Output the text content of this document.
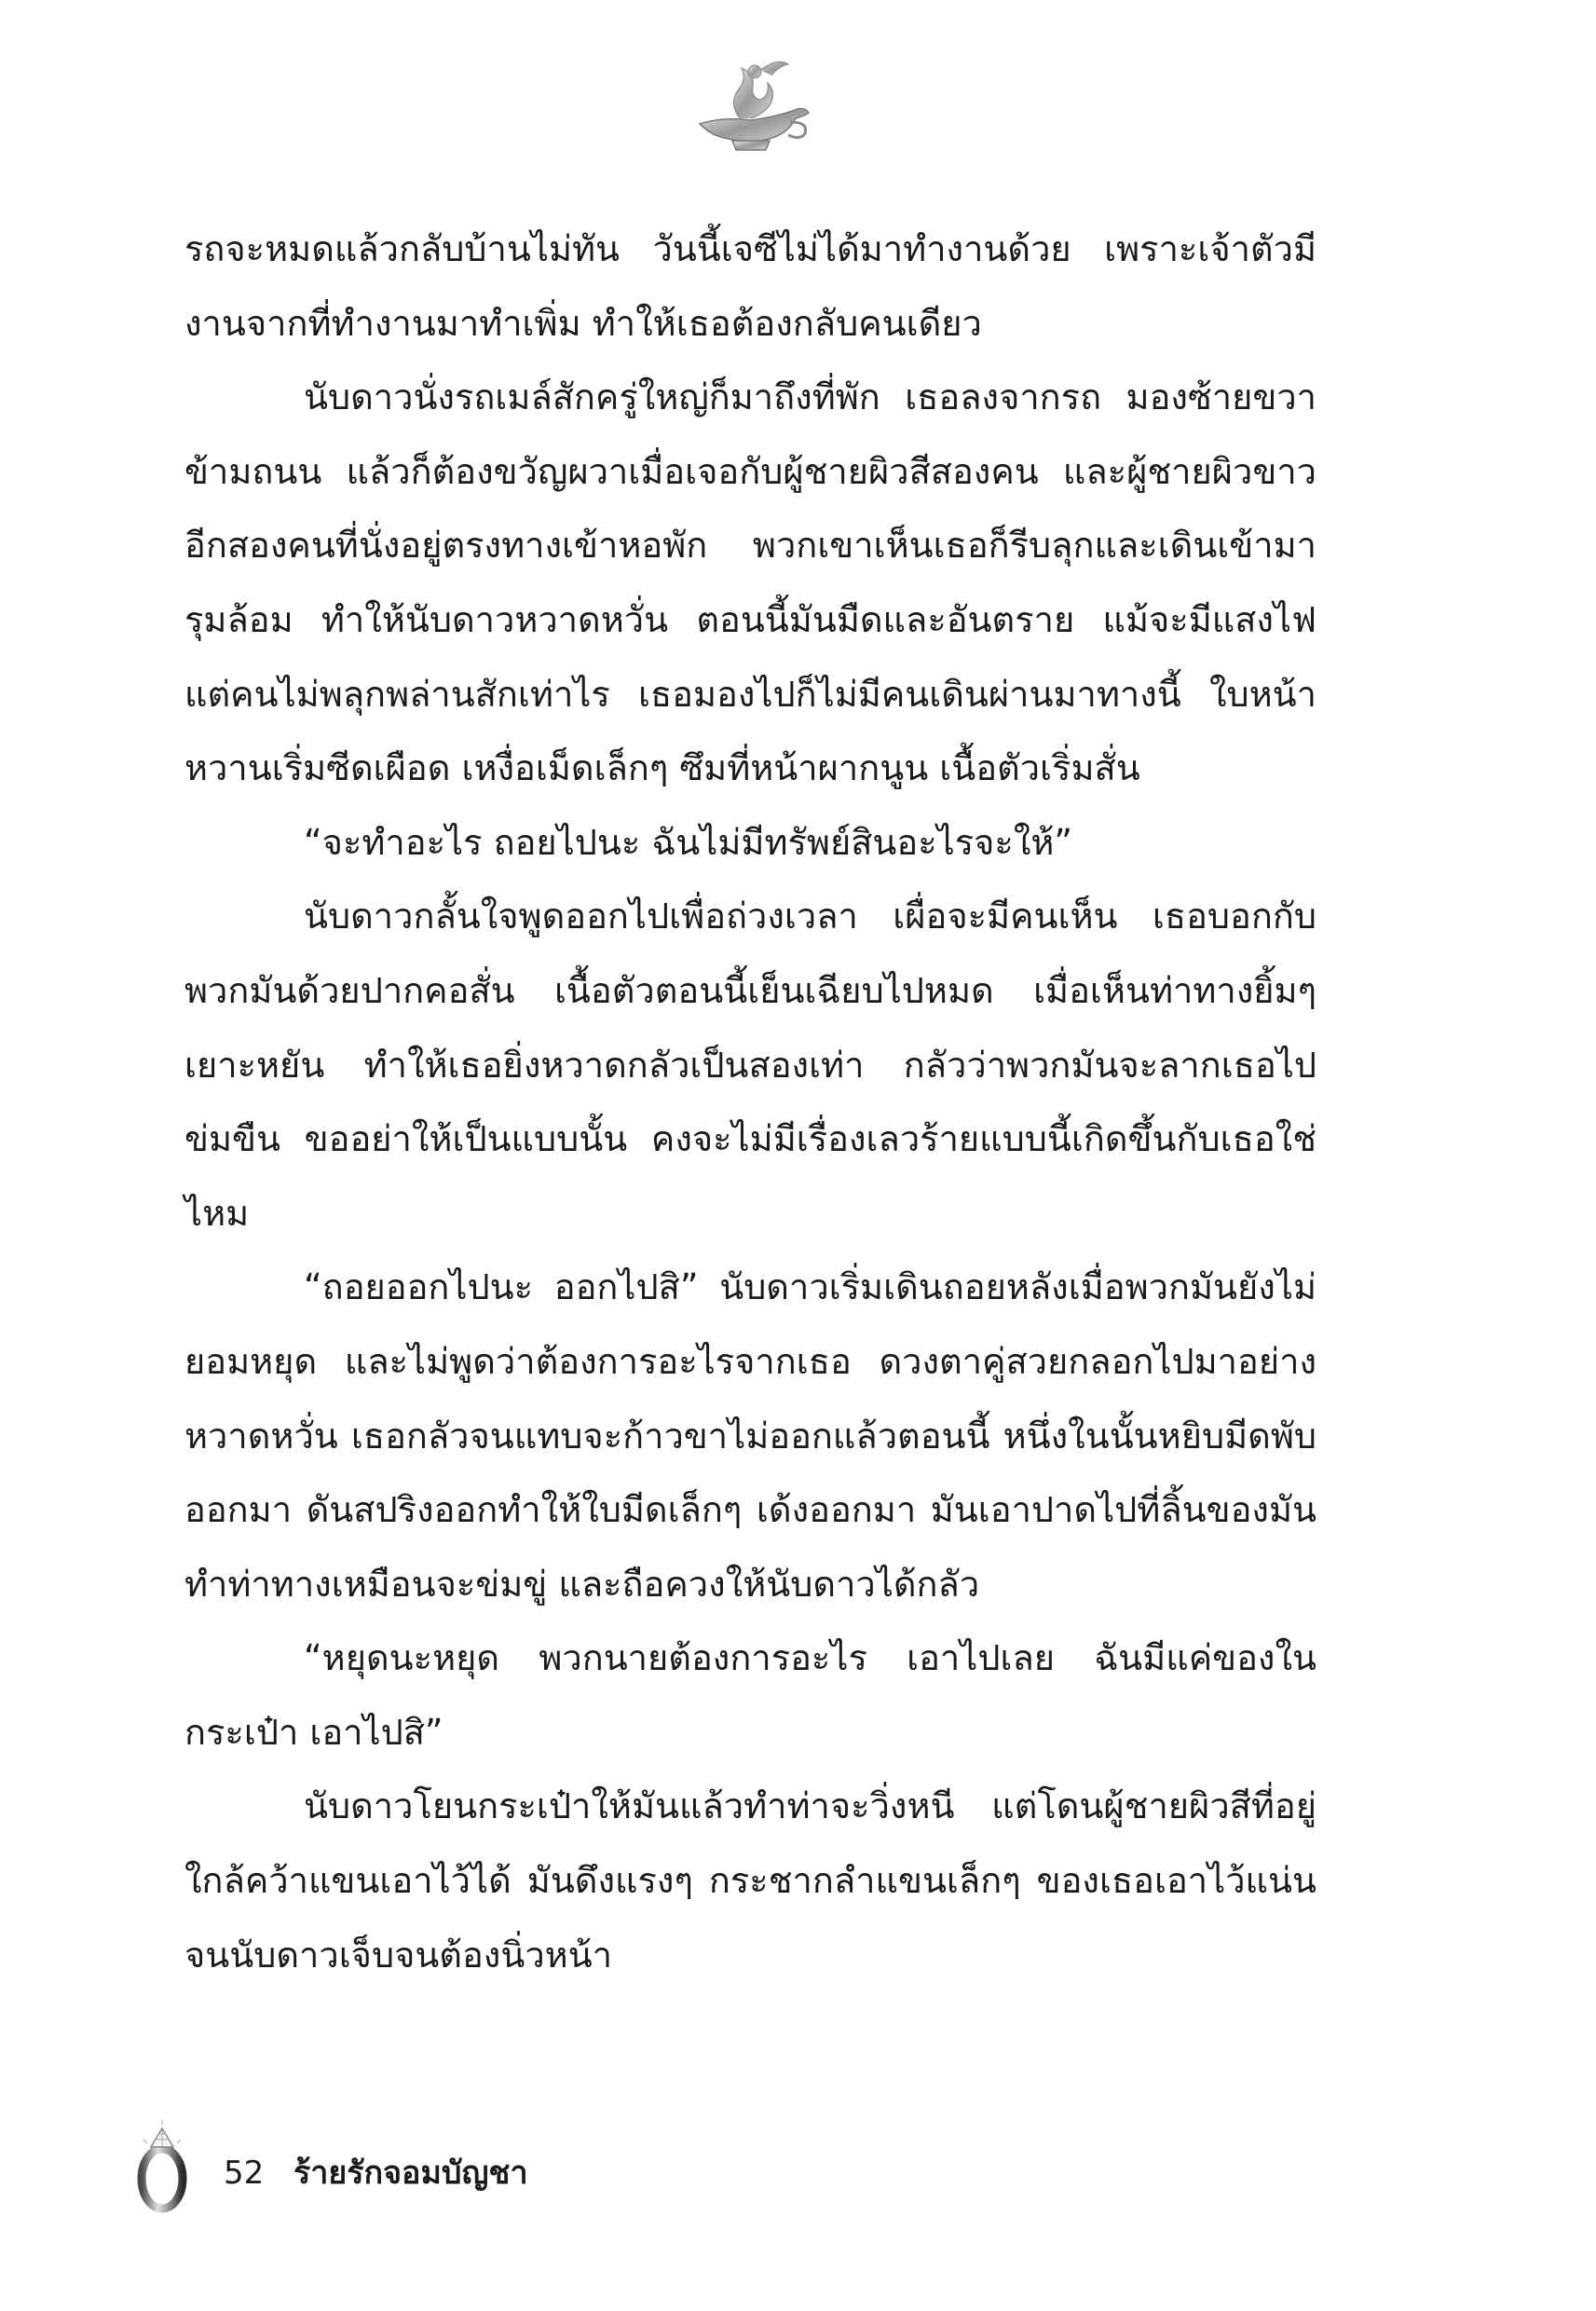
รถจะหมดแล้วกลับบ้านไม่ทัน วันนี้เจซีไม่ได้มาทำงานด้วย เพราะเจ้าตัวมีงานจากที่ทำงานมาทำเพิ่ม ทำให้เธอต้องกลับคนเดียว

นับดาวนั่งรถเมล์สักครู่ใหญ่ก็มาถึงที่พัก เธอลงจากรถ มองซ้ายขวาข้ามถนน แล้วก็ต้องขวัญผวาเมื่อเจอกับผู้ชายผิวสีสองคน และผู้ชายผิวขาวอีกสองคนที่นั่งอยู่ตรงทางเข้าหอพัก พวกเขาเห็นเธอก็รีบลุกและเดินเข้ามารุมล้อม ทำให้นับดาวหวาดหวั่น ตอนนี้มันมืดและอันตราย แม้จะมีแสงไฟ แต่คนไม่พลุกพล่านสักเท่าไร เธอมองไปก็ไม่มีคนเดินผ่านมาทางนี้ ใบหน้าหวานเริ่มซีดเผือด เหงื่อเม็ดเล็กๆ ซึมที่หน้าผากนูน เนื้อตัวเริ่มสั่น

“จะทำอะไร ถอยไปนะ ฉันไม่มีทรัพย์สินอะไรจะให้”

นับดาวกลั้นใจพูดออกไปเพื่อถ่วงเวลา เผื่อจะมีคนเห็น เธอบอกกับพวกมันด้วยปากคอสั่น เนื้อตัวตอนนี้เย็นเฉียบไปหมด เมื่อเห็นท่าทางยิ้มๆ เยาะหยัน ทำให้เธอยิ่งหวาดกลัวเป็นสองเท่า กลัวว่าพวกมันจะลากเธอไปข่มขืน ขออย่าให้เป็นแบบนั้น คงจะไม่มีเรื่องเลวร้ายแบบนี้เกิดขึ้นกับเธอใช่ไหม

“ถอยออกไปนะ ออกไปสิ” นับดาวเริ่มเดินถอยหลังเมื่อพวกมันยังไม่ยอมหยุด และไม่พูดว่าต้องการอะไรจากเธอ ดวงตาคู่สวยกลอกไปมาอย่างหวาดหวั่น เธอกลัวจนแทบจะก้าวขาไม่ออกแล้วตอนนี้ หนึ่งในนั้นหยิบมีดพับออกมา ดันสปริงออกทำให้ใบมีดเล็กๆ เด้งออกมา มันเอาปาดไปที่ลิ้นของมันทำท่าทางเหมือนจะข่มขู่ และถือควงให้นับดาวได้กลัว

“หยุดนะหยุด พวกนายต้องการอะไร เอาไปเลย ฉันมีแค่ของในกระเป๋า เอาไปสิ”

นับดาวโยนกระเป๋าให้มันแล้วทำท่าจะวิ่งหนี แต่โดนผู้ชายผิวสีที่อยู่ใกล้คว้าแขนเอาไว้ได้ มันดึงแรงๆ กระชากลำแขนเล็กๆ ของเธอเอาไว้แน่นจนนับดาวเจ็บจนต้องนิ่วหน้า

52 ร้ายรักจอมบัญชา
